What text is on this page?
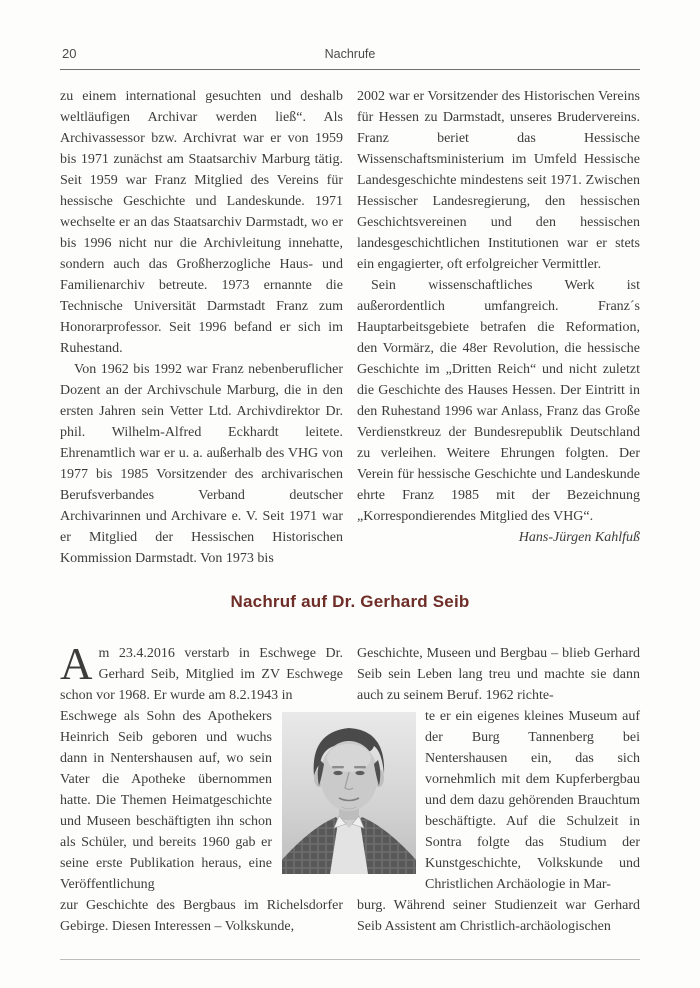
20	Nachrufe

zu einem international gesuchten und deshalb weltläufigen Archivar werden ließ“. Als Archivassessor bzw. Archivrat war er von 1959 bis 1971 zunächst am Staatsarchiv Marburg tätig. Seit 1959 war Franz Mitglied des Vereins für hessische Geschichte und Landeskunde. 1971 wechselte er an das Staatsarchiv Darmstadt, wo er bis 1996 nicht nur die Archivleitung innehatte, sondern auch das Großherzogliche Haus- und Familienarchiv betreute. 1973 ernannte die Technische Universität Darmstadt Franz zum Honorarprofessor. Seit 1996 befand er sich im Ruhestand.

Von 1962 bis 1992 war Franz nebenberuflicher Dozent an der Archivschule Marburg, die in den ersten Jahren sein Vetter Ltd. Archivdirektor Dr. phil. Wilhelm-Alfred Eckhardt leitete. Ehrenamtlich war er u. a. außerhalb des VHG von 1977 bis 1985 Vorsitzender des archivarischen Berufsverbandes Verband deutscher Archivarinnen und Archivare e. V. Seit 1971 war er Mitglied der Hessischen Historischen Kommission Darmstadt. Von 1973 bis

2002 war er Vorsitzender des Historischen Vereins für Hessen zu Darmstadt, unseres Brudervereins. Franz beriet das Hessische Wissenschaftsministerium im Umfeld Hessische Landesgeschichte mindestens seit 1971. Zwischen Hessischer Landesregierung, den hessischen Geschichtsvereinen und den hessischen landesgeschichtlichen Institutionen war er stets ein engagierter, oft erfolgreicher Vermittler.

Sein wissenschaftliches Werk ist außerordentlich umfangreich. Franz´s Hauptarbeitsgebiete betrafen die Reformation, den Vormärz, die 48er Revolution, die hessische Geschichte im „Dritten Reich“ und nicht zuletzt die Geschichte des Hauses Hessen. Der Eintritt in den Ruhestand 1996 war Anlass, Franz das Große Verdienstkreuz der Bundesrepublik Deutschland zu verleihen. Weitere Ehrungen folgten. Der Verein für hessische Geschichte und Landeskunde ehrte Franz 1985 mit der Bezeichnung „Korrespondierendes Mitglied des VHG“.

Hans-Jürgen Kahlfuß

Nachruf auf Dr. Gerhard Seib

Am 23.4.2016 verstarb in Eschwege Dr. Gerhard Seib, Mitglied im ZV Eschwege schon vor 1968. Er wurde am 8.2.1943 in

Eschwege als Sohn des Apothekers Heinrich Seib geboren und wuchs dann in Nentershausen auf, wo sein Vater die Apotheke übernommen hatte. Die Themen Heimatgeschichte und Museen beschäftigten ihn schon als Schüler, und bereits 1960 gab er seine erste Publikation heraus, eine Veröffentlichung

zur Geschichte des Bergbaus im Richelsdorfer Gebirge. Diesen Interessen – Volkskunde,

Geschichte, Museen und Bergbau – blieb Gerhard Seib sein Leben lang treu und machte sie dann auch zu seinem Beruf. 1962 richte-

te er ein eigenes kleines Museum auf der Burg Tannenberg bei Nentershausen ein, das sich vornehmlich mit dem Kupferbergbau und dem dazu gehörenden Brauchtum beschäftigte. Auf die Schulzeit in Sontra folgte das Studium der Kunstgeschichte, Volkskunde und Christlichen Archäologie in Mar-

burg. Während seiner Studienzeit war Gerhard Seib Assistent am Christlich-archäologischen
